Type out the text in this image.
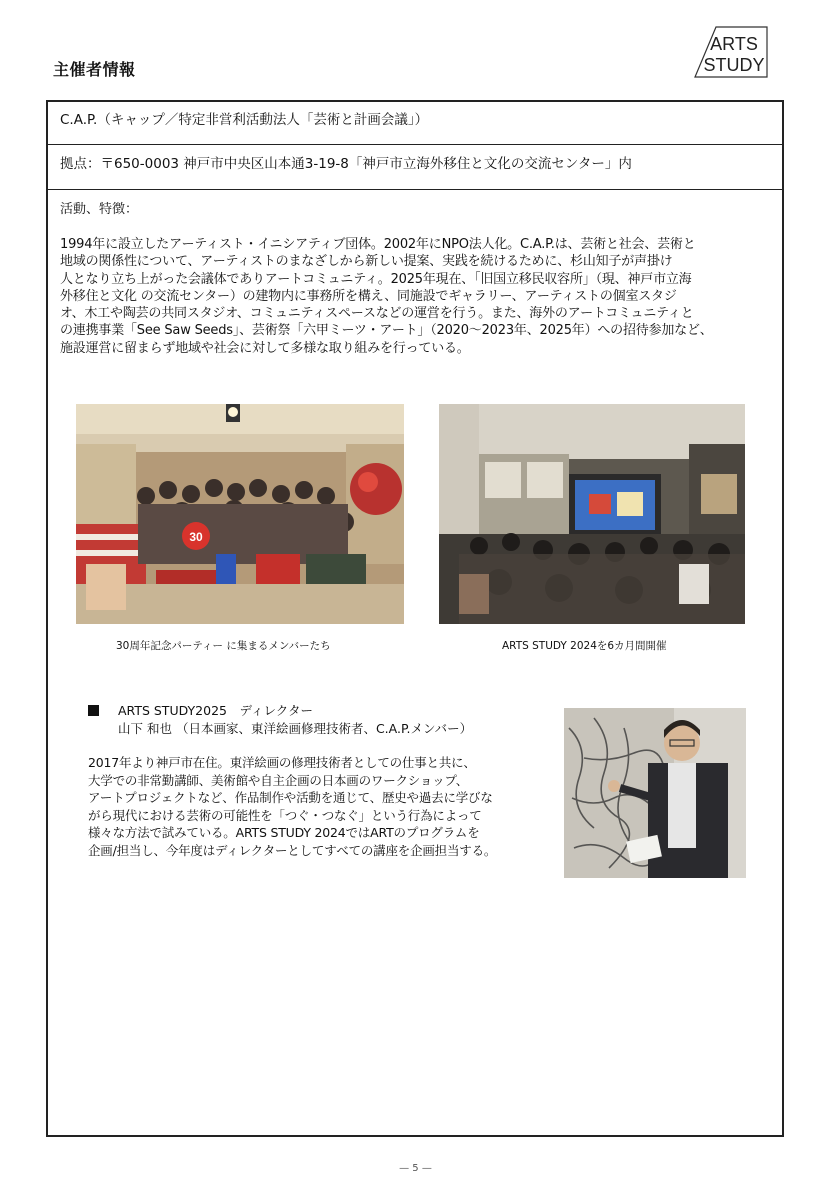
主催者情報
ARTS
STUDY
C.A.P.（キャップ／特定非営利活動法人「芸術と計画会議」）
拠点：〒650-0003 神戸市中央区山本通3-19-8「神戸市立海外移住と文化の交流センター」内
活動、特徴：
1994年に設立したアーティスト・イニシアティブ団体。2002年にNPO法人化。C.A.P.は、芸術と社会、芸術と
地域の関係性について、アーティストのまなざしから新しい提案、実践を続けるために、杉山知子が声掛け
人となり立ち上がった会議体でありアートコミュニティ。2025年現在、「旧国立移民収容所」（現、神戸市立海
外移住と文化 の交流センター）の建物内に事務所を構え、同施設でギャラリー、アーティストの個室スタジ
オ、木工や陶芸の共同スタジオ、コミュニティスペースなどの運営を行う。また、海外のアートコミュニティと
の連携事業「See Saw Seeds」、芸術祭「六甲ミーツ・アート」（2020～2023年、2025年）への招待参加など、
施設運営に留まらず地域や社会に対して多様な取り組みを行っている。
30
30周年記念パーティー に集まるメンバーたち	ARTS STUDY 2024を6カ月間開催
ARTS STUDY2025　ディレクター
山下 和也 （日本画家、東洋絵画修理技術者、C.A.P.メンバー）

2017年より神戸市在住。東洋絵画の修理技術者としての仕事と共に、

大学での非常勤講師、美術館や自主企画の日本画のワークショップ、

アートプロジェクトなど、作品制作や活動を通じて、歴史や過去に学びな

がら現代における芸術の可能性を「つぐ・つなぐ」という行為によって

様々な方法で試みている。ARTS STUDY 2024ではARTのプログラムを

企画/担当し、今年度はディレクターとしてすべての講座を企画担当する。

— 5 —
